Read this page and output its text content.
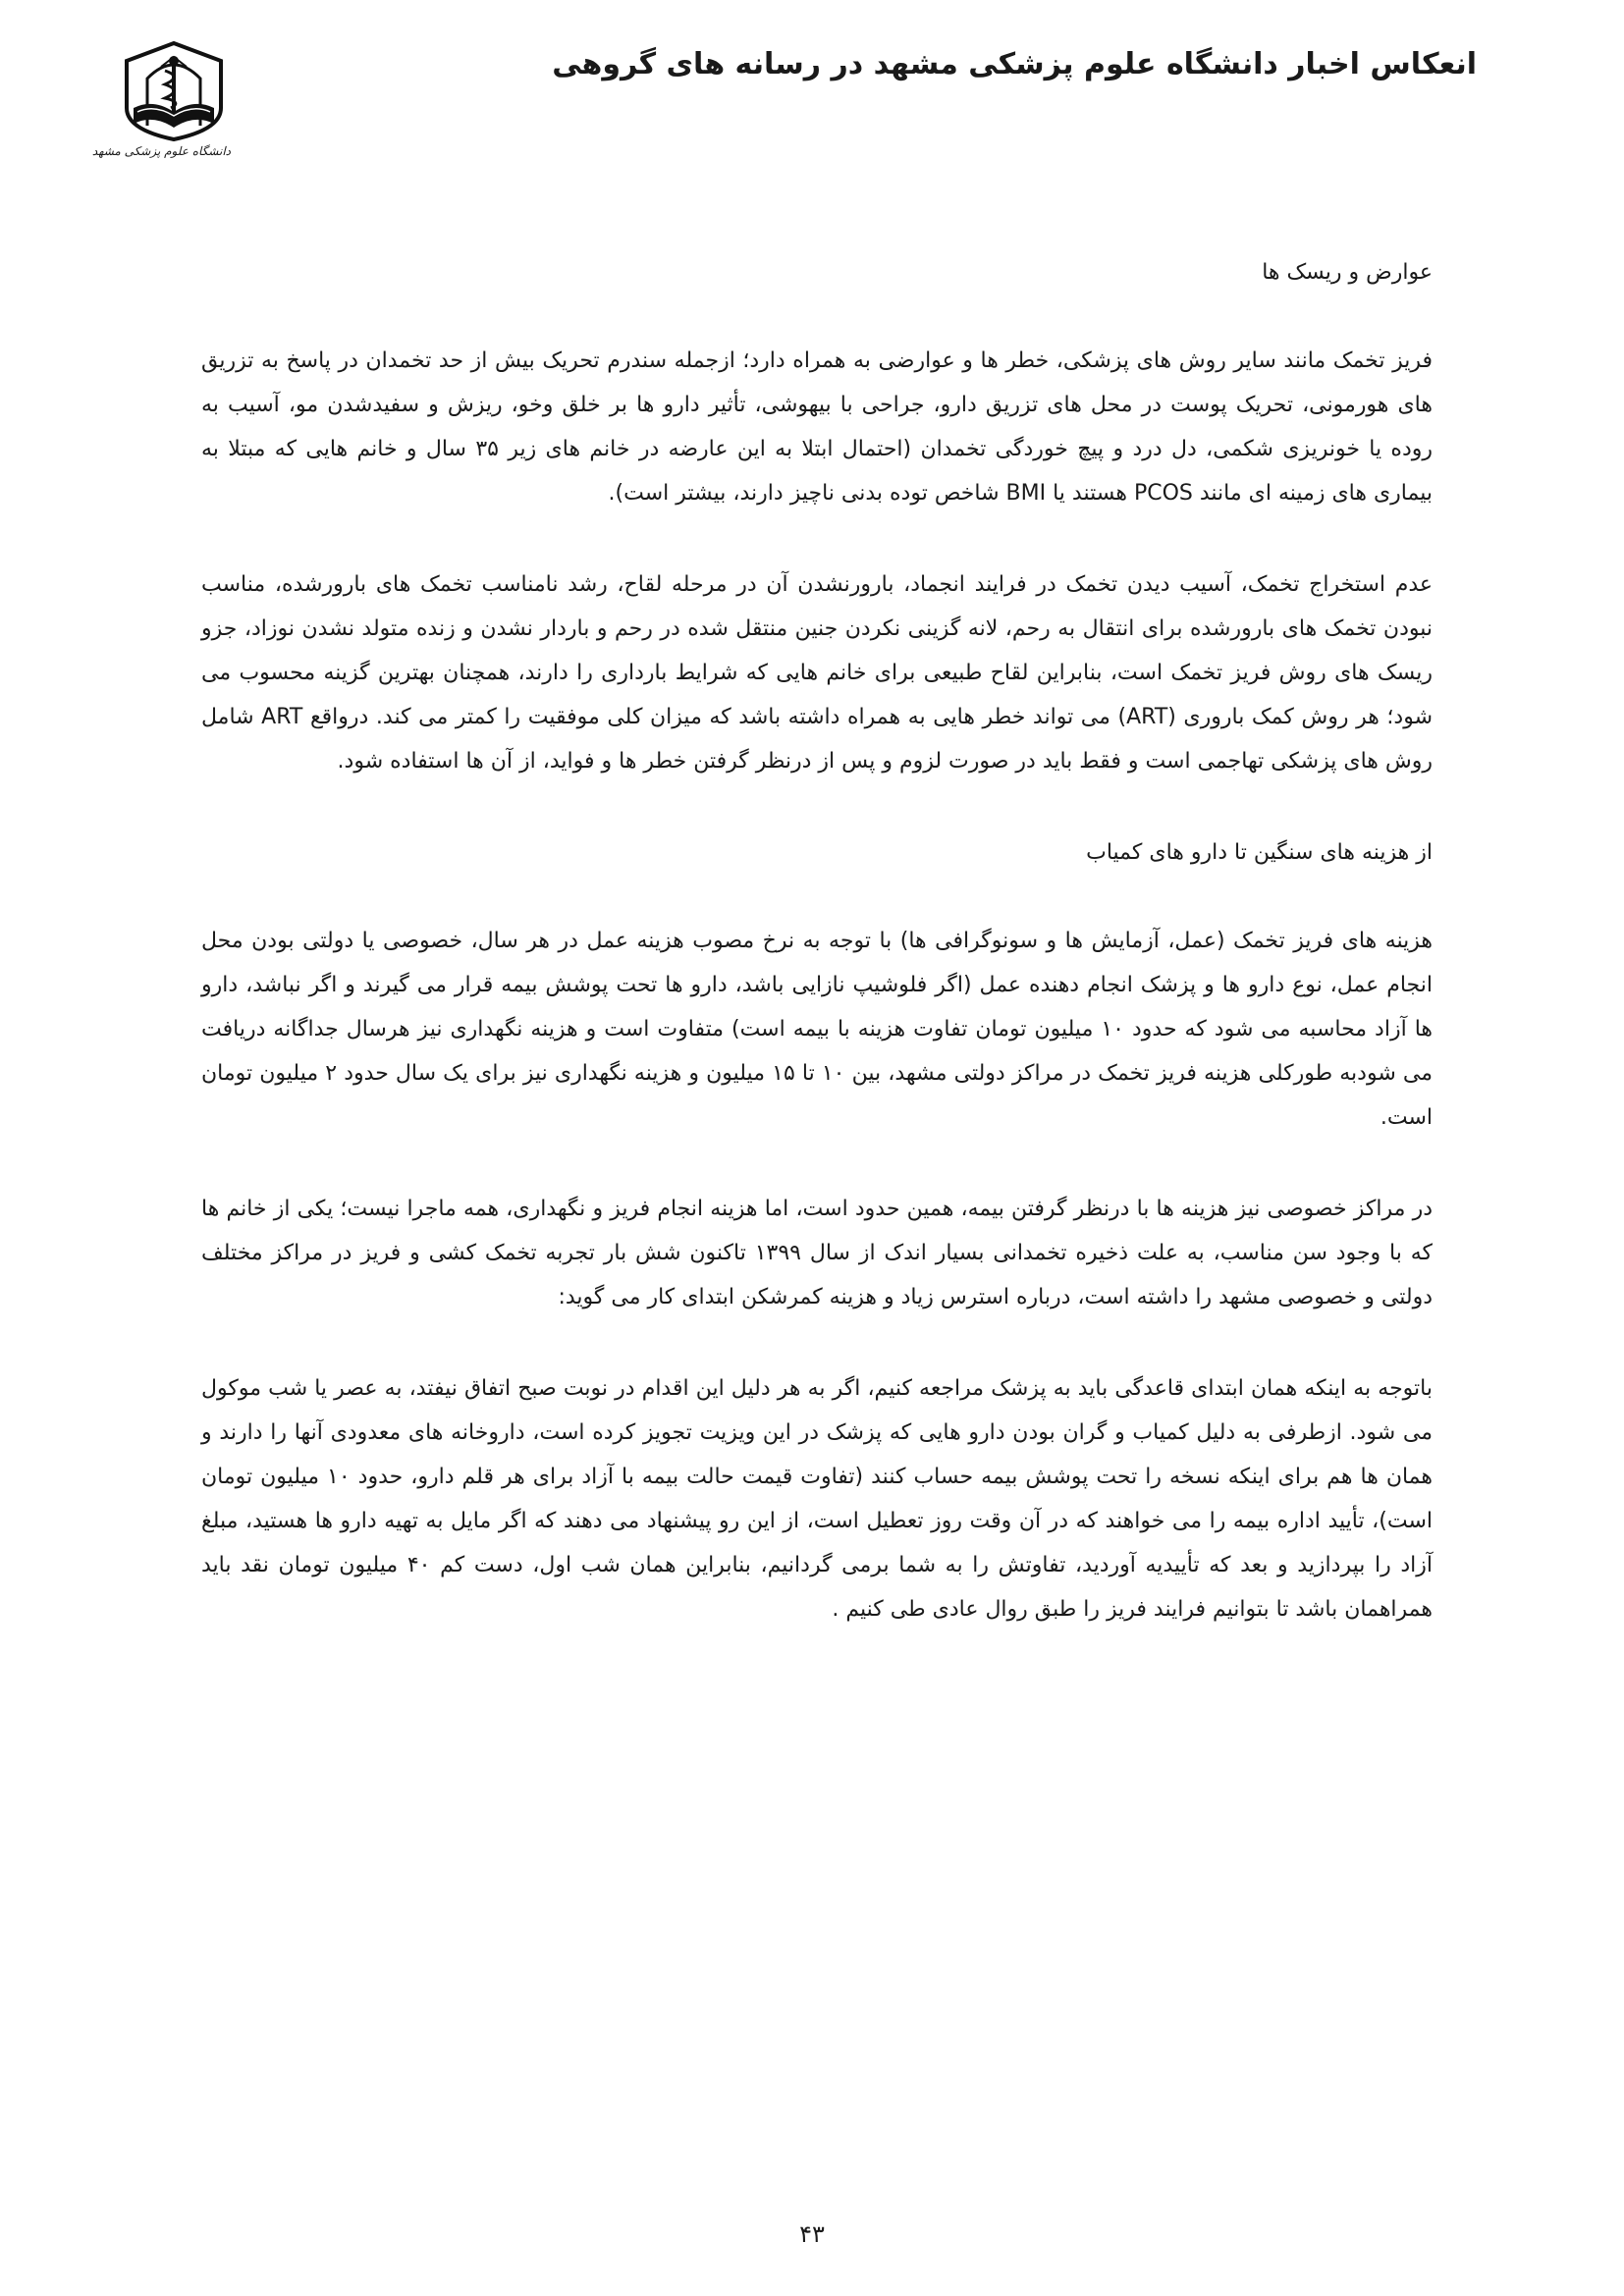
انعکاس اخبار دانشگاه علوم پزشکی مشهد در رسانه های گروهی
دانشگاه علوم پزشکی مشهد

عوارض و ریسک ها

فریز تخمک مانند سایر روش های پزشکی، خطر ها و عوارضی به همراه دارد؛ ازجمله سندرم تحریک بیش از حد تخمدان در پاسخ به تزریق های هورمونی، تحریک پوست در محل های تزریق دارو، جراحی با بیهوشی، تأثیر دارو ها بر خلق وخو، ریزش و سفیدشدن مو، آسیب به روده یا خونریزی شکمی، دل درد و پیچ خوردگی تخمدان (احتمال ابتلا به این عارضه در خانم های زیر ۳۵ سال و خانم هایی که مبتلا به بیماری های زمینه ای مانند PCOS هستند یا BMI شاخص توده بدنی ناچیز دارند، بیشتر است).

عدم استخراج تخمک، آسیب دیدن تخمک در فرایند انجماد، بارورنشدن آن در مرحله لقاح، رشد نامناسب تخمک های بارورشده، مناسب نبودن تخمک های بارورشده برای انتقال به رحم، لانه گزینی نکردن جنین منتقل شده در رحم و باردار نشدن و زنده متولد نشدن نوزاد، جزو ریسک های روش فریز تخمک است، بنابراین لقاح طبیعی برای خانم هایی که شرایط بارداری را دارند، همچنان بهترین گزینه محسوب می شود؛ هر روش کمک باروری (ART) می تواند خطر هایی به همراه داشته باشد که میزان کلی موفقیت را کمتر می کند. درواقع ART شامل روش های پزشکی تهاجمی است و فقط باید در صورت لزوم و پس از درنظر گرفتن خطر ها و فواید، از آن ها استفاده شود.

از هزینه های سنگین تا دارو های کمیاب

هزینه های فریز تخمک (عمل، آزمایش ها و سونوگرافی ها) با توجه به نرخ مصوب هزینه عمل در هر سال، خصوصی یا دولتی بودن محل انجام عمل، نوع دارو ها و پزشک انجام دهنده عمل (اگر فلوشیپ نازایی باشد، دارو ها تحت پوشش بیمه قرار می گیرند و اگر نباشد، دارو ها آزاد محاسبه می شود که حدود ۱۰ میلیون تومان تفاوت هزینه با بیمه است) متفاوت است و هزینه نگهداری نیز هرسال جداگانه دریافت می شودبه طورکلی هزینه فریز تخمک در مراکز دولتی مشهد، بین ۱۰ تا ۱۵ میلیون و هزینه نگهداری نیز برای یک سال حدود ۲ میلیون تومان است.

در مراکز خصوصی نیز هزینه ها با درنظر گرفتن بیمه، همین حدود است، اما هزینه انجام فریز و نگهداری، همه ماجرا نیست؛ یکی از خانم ها که با وجود سن مناسب، به علت ذخیره تخمدانی بسیار اندک از سال ۱۳۹۹ تاکنون شش بار تجربه تخمک کشی و فریز در مراکز مختلف دولتی و خصوصی مشهد را داشته است، درباره استرس زیاد و هزینه کمرشکن ابتدای کار می گوید:

باتوجه به اینکه همان ابتدای قاعدگی باید به پزشک مراجعه کنیم، اگر به هر دلیل این اقدام در نوبت صبح اتفاق نیفتد، به عصر یا شب موکول می شود. ازطرفی به دلیل کمیاب و گران بودن دارو هایی که پزشک در این ویزیت تجویز کرده است، داروخانه های معدودی آنها را دارند و همان ها هم برای اینکه نسخه را تحت پوشش بیمه حساب کنند (تفاوت قیمت حالت بیمه با آزاد برای هر قلم دارو، حدود ۱۰ میلیون تومان است)، تأیید اداره بیمه را می خواهند که در آن وقت روز تعطیل است، از این رو پیشنهاد می دهند که اگر مایل به تهیه دارو ها هستید، مبلغ آزاد را بپردازید و بعد که تأییدیه آوردید، تفاوتش را به شما برمی گردانیم، بنابراین همان شب اول، دست کم ۴۰ میلیون تومان نقد باید همراهمان باشد تا بتوانیم فرایند فریز را طبق روال عادی طی کنیم .

۴۳
